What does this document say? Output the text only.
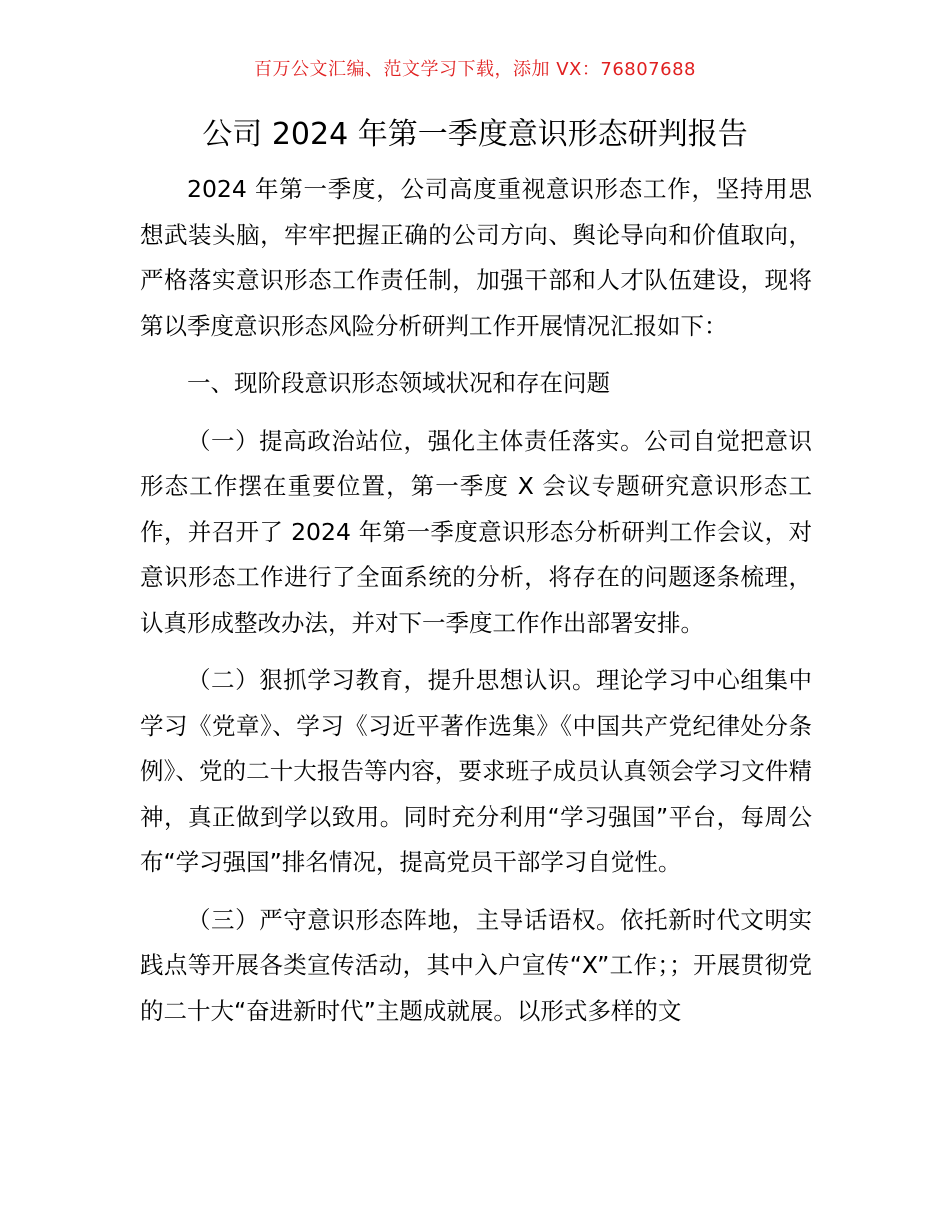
百万公文汇编、范文学习下载，添加 VX：76807688
公司 2024 年第一季度意识形态研判报告

2024 年第一季度，公司高度重视意识形态工作，坚持用思想武装头脑，牢牢把握正确的公司方向、舆论导向和价值取向，严格落实意识形态工作责任制，加强干部和人才队伍建设，现将第以季度意识形态风险分析研判工作开展情况汇报如下：

一、现阶段意识形态领域状况和存在问题

（一）提高政治站位，强化主体责任落实。公司自觉把意识形态工作摆在重要位置，第一季度 X 会议专题研究意识形态工作，并召开了 2024 年第一季度意识形态分析研判工作会议，对意识形态工作进行了全面系统的分析，将存在的问题逐条梳理，认真形成整改办法，并对下一季度工作作出部署安排。

（二）狠抓学习教育，提升思想认识。理论学习中心组集中学习《党章》、学习《习近平著作选集》《中国共产党纪律处分条例》、党的二十大报告等内容，要求班子成员认真领会学习文件精神，真正做到学以致用。同时充分利用“学习强国”平台，每周公布“学习强国”排名情况，提高党员干部学习自觉性。

（三）严守意识形态阵地，主导话语权。依托新时代文明实践点等开展各类宣传活动，其中入户宣传“X”工作；；开展贯彻党的二十大“奋进新时代”主题成就展。以形式多样的文
